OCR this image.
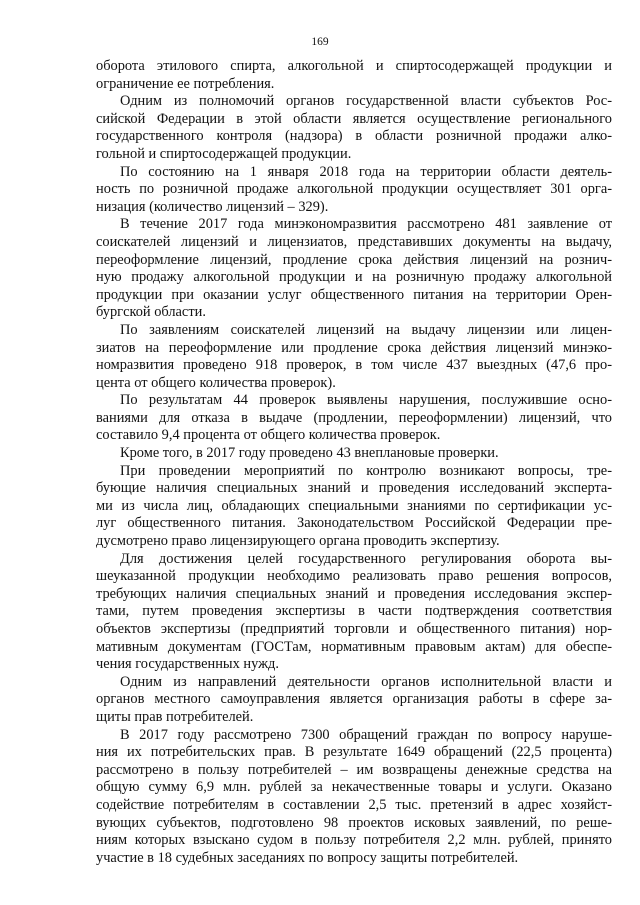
169
оборота этилового спирта, алкогольной и спиртосодержащей продукции и
ограничение ее потребления.
Одним из полномочий органов государственной власти субъектов Рос-
сийской Федерации в этой области является осуществление регионального
государственного контроля (надзора) в области розничной продажи алко-
гольной и спиртосодержащей продукции.
По состоянию на 1 января 2018 года на территории области деятель-
ность по розничной продаже алкогольной продукции осуществляет 301 орга-
низация (количество лицензий – 329).
В течение 2017 года минэкономразвития рассмотрено 481 заявление от
соискателей лицензий и лицензиатов, представивших документы на выдачу,
переоформление лицензий, продление срока действия лицензий на рознич-
ную продажу алкогольной продукции и на розничную продажу алкогольной
продукции при оказании услуг общественного питания на территории Орен-
бургской области.
По заявлениям соискателей лицензий на выдачу лицензии или лицен-
зиатов на переоформление или продление срока действия лицензий минэко-
номразвития проведено 918 проверок, в том числе 437 выездных (47,6 про-
цента от общего количества проверок).
По результатам 44 проверок выявлены нарушения, послужившие осно-
ваниями для отказа в выдаче (продлении, переоформлении) лицензий, что
составило 9,4 процента от общего количества проверок.
Кроме того, в 2017 году проведено 43 внеплановые проверки.
При проведении мероприятий по контролю возникают вопросы, тре-
бующие наличия специальных знаний и проведения исследований экспертa-
ми из числа лиц, обладающих специальными знаниями по сертификации ус-
луг общественного питания. Законодательством Российской Федерации пре-
дусмотрено право лицензирующего органа проводить экспертизу.
Для достижения целей государственного регулирования оборота вы-
шеуказанной продукции необходимо реализовать право решения вопросов,
требующих наличия специальных знаний и проведения исследования экспер-
тами, путем проведения экспертизы в части подтверждения соответствия
объектов экспертизы (предприятий торговли и общественного питания) нор-
мативным документам (ГОСТам, нормативным правовым актам) для обеспе-
чения государственных нужд.
Одним из направлений деятельности органов исполнительной власти и
органов местного самоуправления является организация работы в сфере за-
щиты прав потребителей.
В 2017 году рассмотрено 7300 обращений граждан по вопросу наруше-
ния их потребительских прав. В результате 1649 обращений (22,5 процента)
рассмотрено в пользу потребителей – им возвращены денежные средства на
общую сумму 6,9 млн. рублей за некачественные товары и услуги. Оказано
содействие потребителям в составлении 2,5 тыс. претензий в адрес хозяйст-
вующих субъектов, подготовлено 98 проектов исковых заявлений, по реше-
ниям которых взыскано судом в пользу потребителя 2,2 млн. рублей, принято
участие в 18 судебных заседаниях по вопросу защиты потребителей.
